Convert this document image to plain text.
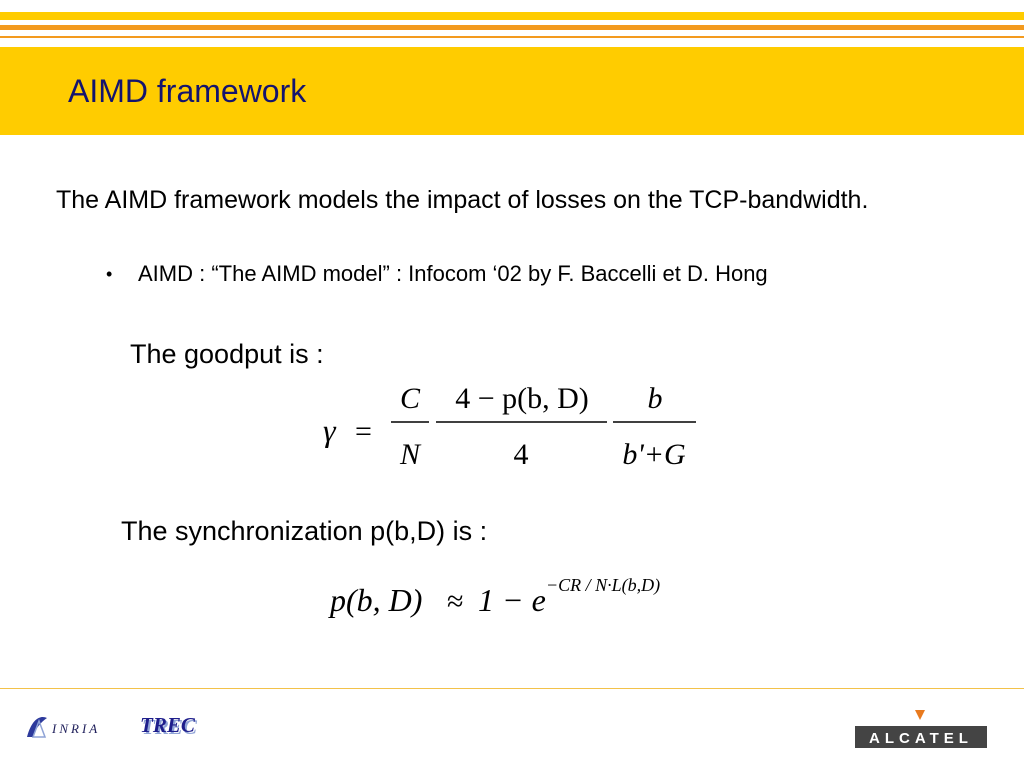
AIMD framework
The AIMD framework models the impact of losses on the TCP-bandwidth.
• AIMD : “The AIMD model” : Infocom ‘02 by F. Baccelli et D. Hong
The goodput is :
γ =
C
N
4 − p(b, D)
4
b
b'+G
The synchronization p(b,D) is :
p(b, D) ≈ 1 − e −CR / N·L(b,D)
INRIA TREC
ALCATEL
